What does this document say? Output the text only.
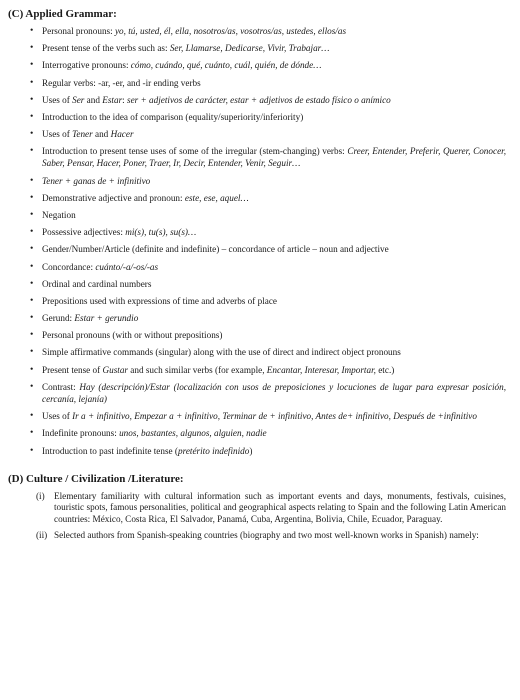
(C) Applied Grammar:
• Personal pronouns: yo, tú, usted, él, ella, nosotros/as, vosotros/as, ustedes, ellos/as
• Present tense of the verbs such as: Ser, Llamarse, Dedicarse, Vivir, Trabajar…
• Interrogative pronouns: cómo, cuándo, qué, cuánto, cuál, quién, de dónde…
• Regular verbs: -ar, -er, and -ir ending verbs
• Uses of Ser and Estar: ser + adjetivos de carácter, estar + adjetivos de estado físico o anímico
• Introduction to the idea of comparison (equality/superiority/inferiority)
• Uses of Tener and Hacer
• Introduction to present tense uses of some of the irregular (stem-changing) verbs: Creer, Entender, Preferir, Querer, Conocer, Saber, Pensar, Hacer, Poner, Traer, Ir, Decir, Entender, Venir, Seguir…
• Tener + ganas de + infinitivo
• Demonstrative adjective and pronoun: este, ese, aquel…
• Negation
• Possessive adjectives: mi(s), tu(s), su(s)…
• Gender/Number/Article (definite and indefinite) – concordance of article – noun and adjective
• Concordance: cuánto/-a/-os/-as
• Ordinal and cardinal numbers
• Prepositions used with expressions of time and adverbs of place
• Gerund: Estar + gerundio
• Personal pronouns (with or without prepositions)
• Simple affirmative commands (singular) along with the use of direct and indirect object pronouns
• Present tense of Gustar and such similar verbs (for example, Encantar, Interesar, Importar, etc.)
• Contrast: Hay (descripción)/Estar (localización con usos de preposiciones y locuciones de lugar para expresar posición, cercanía, lejanía)
• Uses of Ir a + infinitivo, Empezar a + infinitivo, Terminar de + infinitivo, Antes de+ infinitivo, Después de +infinitivo
• Indefinite pronouns: unos, bastantes, algunos, alguien, nadie
• Introduction to past indefinite tense (pretérito indefinido)
(D) Culture / Civilization /Literature:
(i) Elementary familiarity with cultural information such as important events and days, monuments, festivals, cuisines, touristic spots, famous personalities, political and geographical aspects relating to Spain and the following Latin American countries: México, Costa Rica, El Salvador, Panamá, Cuba, Argentina, Bolivia, Chile, Ecuador, Paraguay.
(ii) Selected authors from Spanish-speaking countries (biography and two most well-known works in Spanish) namely:
